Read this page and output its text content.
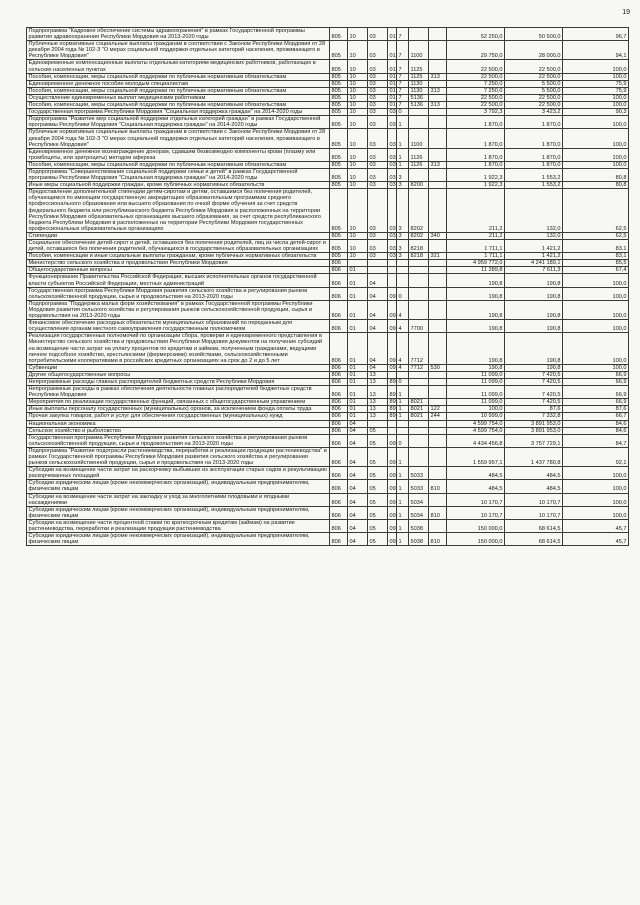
19
Подпрограмма "Кадровое обеспечение системы здравоохранения" в рамках Государственной программы развития здравоохранения Республики Мордовия на 2013-2020 годы	805	10	03	01	7			52 250,0	50 500,0	96,7
Публичные нормативные социальные выплаты гражданам в соответствии с Законом Республики Мордовия от 28 декабря 2004 года № 102-З "О мерах социальной поддержки отдельных категорий населения, проживающего в Республике Мордовия"	805	10	03	01	7	1100		29 750,0	28 000,0	94,1
Единовременные компенсационные выплаты отдельным категориям медицинских работников, работающих в сельских населенных пунктах	805	10	03	01	7	1125		22 500,0	22 500,0	100,0
Пособия, компенсации, меры социальной поддержки по публичным нормативным обязательствам	805	10	03	01	7	1125	313	22 500,0	22 500,0	100,0
Единовременное денежное пособие молодым специалистам	805	10	03	01	7	1130		7 250,0	5 500,0	75,9
Пособия, компенсации, меры социальной поддержки по публичным нормативным обязательствам	805	10	03	01	7	1130	313	7 250,0	5 500,0	75,9
Осуществление единовременных выплат медицинским работникам	805	10	03	01	7	5136		22 500,0	22 500,0	100,0
Пособия, компенсации, меры социальной поддержки по публичным нормативным обязательствам	805	10	03	01	7	5136	313	22 500,0	22 500,0	100,0
Государственная программа Республики Мордовия "Социальная поддержка граждан" на 2014-2020 годы	805	10	03	03	0			3 792,3	3 423,2	90,3
Подпрограмма "Развитие мер социальной поддержки отдельных категорий граждан" в рамках Государственной программы Республики Мордовия "Социальная поддержка граждан" на 2014-2020 годы	805	10	03	03	1			1 870,0	1 870,0	100,0
Публичные нормативные социальные выплаты гражданам в соответствии с Законом Республики Мордовия от 28 декабря 2004 года № 102-З "О мерах социальной поддержки отдельных категорий населения, проживающего в Республике Мордовия"	805	10	03	03	1	1100		1 870,0	1 870,0	100,0
Единовременное денежное вознаграждение донорам, сдавшим безвозмездно компоненты крови (плазму или тромбоциты, или эритроциты) методом афереза	805	10	03	03	1	1126		1 870,0	1 870,0	100,0
Пособия, компенсации, меры социальной поддержки по публичным нормативным обязательствам	805	10	03	03	1	1126	313	1 870,0	1 870,0	100,0
Подпрограмма "Совершенствование социальной поддержки семьи и детей" в рамках Государственной программы Республики Мордовия "Социальная поддержка граждан" на 2014-2020 годы	805	10	03	03	3			1 922,3	1 553,2	80,8
Иные меры социальной поддержки граждан, кроме публичных нормативных обязательств	805	10	03	03	3	8200		1 922,3	1 553,2	80,8
Предоставление дополнительной стипендии детям-сиротам и детям, оставшимся без попечения родителей, обучающимся по имеющим государственную аккредитацию образовательным программам среднего профессионального образования или высшего образования по очной форме обучения за счет средств федерального бюджета или республиканского бюджета Республики Мордовия в расположенных на территории Республики Мордовия образовательных организациях высшего образования, за счет средств республиканского бюджета Республики Мордовия в расположенных на территории Республики Мордовия государственных профессиональных образовательных организациях	805	10	03	03	3	8202		211,2	132,0	62,5
Стипендии	805	10	03	03	3	8202	340	211,2	132,0	62,5
Социальное обеспечение детей-сирот и детей, оставшихся без попечения родителей, лиц из числа детей-сирот и детей, оставшихся без попечения родителей, обучающихся в государственных образовательных организациях	805	10	03	03	3	8218		1 711,1	1 421,2	83,1
Пособия, компенсации и иные социальные выплаты гражданам, кроме публичных нормативных обязательств	805	10	03	03	3	8218	321	1 711,1	1 421,2	83,1
Министерство сельского хозяйства и продовольствия Республики Мордовия	806							4 959 772,0	4 241 189,1	85,5
Общегосударственные вопросы	806	01						11 289,8	7 611,3	67,4
Функционирование Правительства Российской Федерации, высших исполнительных органов государственной власти субъектов Российской Федерации, местных администраций	806	01	04					190,8	190,8	100,0
Государственная программа Республики Мордовия развития сельского хозяйства и регулирования рынков сельскохозяйственной продукции, сырья и продовольствия на 2013-2020 годы	806	01	04	09	0			190,8	190,8	100,0
Подпрограмма "Поддержка малых форм хозяйствования" в рамках Государственной программы Республики Мордовия развития сельского хозяйства и регулирования рынков сельскохозяйственной продукции, сырья и продовольствия на 2013-2020 годы	806	01	04	09	4			190,8	190,8	100,0
Финансовое обеспечение расходных обязательств муниципальных образований по переданным для осуществления органам местного самоуправления государственным полномочиям	806	01	04	09	4	7700		190,8	190,8	100,0
Реализация государственных полномочий по организации сбора, проверки и единовременного представления в Министерство сельского хозяйства и продовольствия Республики Мордовия документов на получение субсидий на возмещение части затрат на уплату процентов по кредитам и займам, полученным гражданами, ведущими личное подсобное хозяйство, крестьянскими (фермерскими) хозяйствами, сельскохозяйственными потребительскими кооперативами в российских кредитных организациях на срок до 2 и до 5 лет	806	01	04	09	4	7712		190,8	190,8	100,0
Субвенции	806	01	04	09	4	7712	530	190,8	190,8	100,0
Другие общегосударственные вопросы	806	01	13					11 099,0	7 420,5	66,9
Непрограммные расходы главных распорядителей бюджетных средств Республики Мордовия	806	01	13	89	0			11 099,0	7 420,5	66,9
Непрограммные расходы в рамках обеспечения деятельности главных распорядителей бюджетных средств Республики Мордовия	806	01	13	89	1			11 099,0	7 420,5	66,9
Мероприятия по реализации государственных функций, связанных с общегосударственным управлением	806	01	13	89	1	8021		11 099,0	7 420,5	66,9
Иные выплаты персоналу государственных (муниципальных) органов, за исключением фонда оплаты труда	806	01	13	89	1	8021	122	100,0	87,6	87,6
Прочая закупка товаров, работ и услуг для обеспечения государственных (муниципальных) нужд	806	01	13	89	1	8021	244	10 999,0	7 332,8	66,7
Национальная экономика	806	04						4 599 754,0	3 891 953,0	84,6
Сельское хозяйство и рыболовство	806	04	05					4 599 754,0	3 891 953,0	84,6
Государственная программа Республики Мордовия развития сельского хозяйства и регулирования рынков сельскохозяйственной продукции, сырья и продовольствия на 2013-2020 годы	806	04	05	09	0			4 434 456,8	3 757 729,1	84,7
Подпрограмма "Развитие подотрасли растениеводства, переработки и реализации продукции растениеводства" в рамках Государственной программы Республики Мордовия развития сельского хозяйства и регулирования рынков сельскохозяйственной продукции, сырья и продовольствия на 2013-2020 годы	806	04	05	09	1			1 559 957,1	1 437 780,8	92,1
Субсидии на возмещение части затрат на раскорчевку выбывших из эксплуатации старых садов и рекультивацию раскорчеванных площадей	806	04	05	09	1	5033		484,5	484,5	100,0
Субсидии юридическим лицам (кроме некоммерческих организаций), индивидуальным предпринимателям, физическим лицам	806	04	05	09	1	5033	810	484,5	484,5	100,0
Субсидии на возмещение части затрат на закладку и уход за многолетними плодовыми и ягодными насаждениями	806	04	05	09	1	5034		10 170,7	10 170,7	100,0
Субсидии юридическим лицам (кроме некоммерческих организаций), индивидуальным предпринимателям, физическим лицам	806	04	05	09	1	5034	810	10 170,7	10 170,7	100,0
Субсидии на возмещение части процентной ставки по краткосрочным кредитам (займам) на развитие растениеводства, переработки и реализации продукции растениеводства	806	04	05	09	1	5038		150 000,0	68 614,5	45,7
Субсидии юридическим лицам (кроме некоммерческих организаций), индивидуальным предпринимателям, физическим лицам	806	04	05	09	1	5038	810	150 000,0	68 614,5	45,7
